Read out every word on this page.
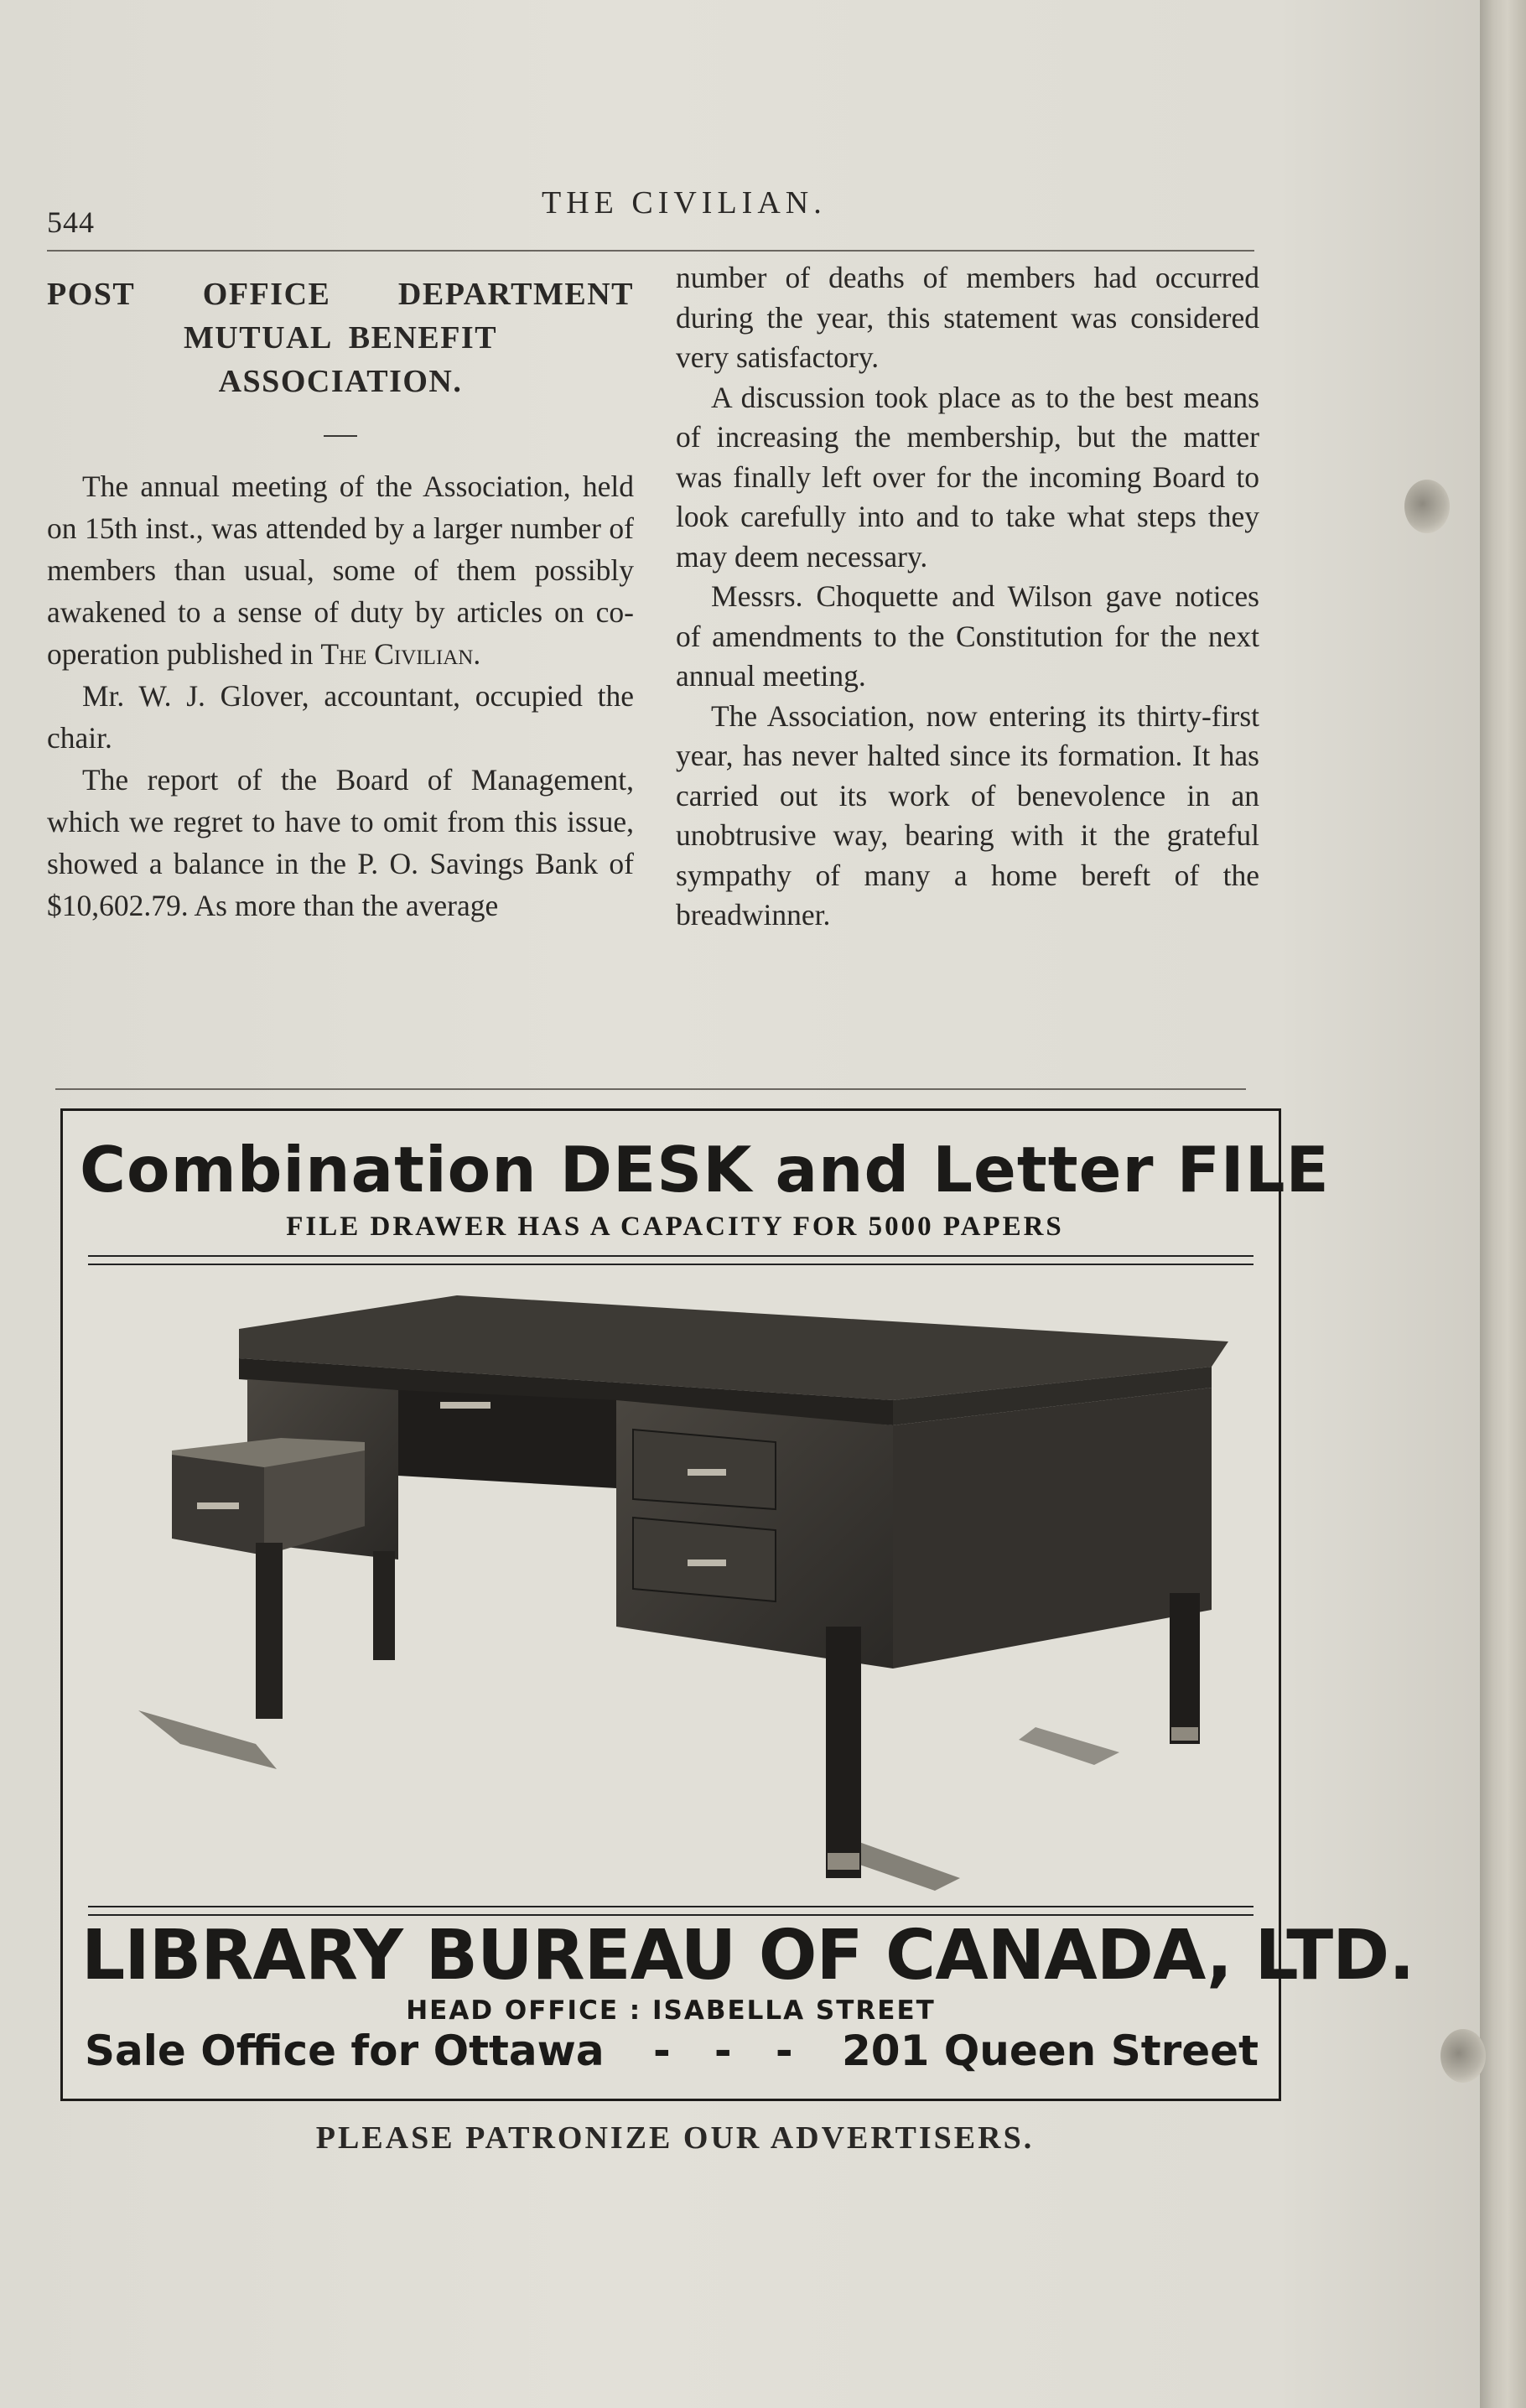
544
THE CIVILIAN.
POST OFFICE DEPARTMENT
MUTUAL BENEFIT
ASSOCIATION.

The annual meeting of the Association, held on 15th inst., was attended by a larger number of members than usual, some of them possibly awakened to a sense of duty by articles on co-operation published in The Civilian.

Mr. W. J. Glover, accountant, occupied the chair.

The report of the Board of Management, which we regret to have to omit from this issue, showed a balance in the P. O. Savings Bank of $10,602.79. As more than the average

number of deaths of members had occurred during the year, this statement was considered very satisfactory.

A discussion took place as to the best means of increasing the membership, but the matter was finally left over for the incoming Board to look carefully into and to take what steps they may deem necessary.

Messrs. Choquette and Wilson gave notices of amendments to the Constitution for the next annual meeting.

The Association, now entering its thirty-first year, has never halted since its formation. It has carried out its work of benevolence in an unobtrusive way, bearing with it the grateful sympathy of many a home bereft of the breadwinner.

Combination DESK and Letter FILE
FILE DRAWER HAS A CAPACITY FOR 5000 PAPERS
LIBRARY BUREAU OF CANADA, LTD.
HEAD OFFICE : ISABELLA STREET
Sale Office for Ottawa -   -   - 201 Queen Street
PLEASE PATRONIZE OUR ADVERTISERS.
